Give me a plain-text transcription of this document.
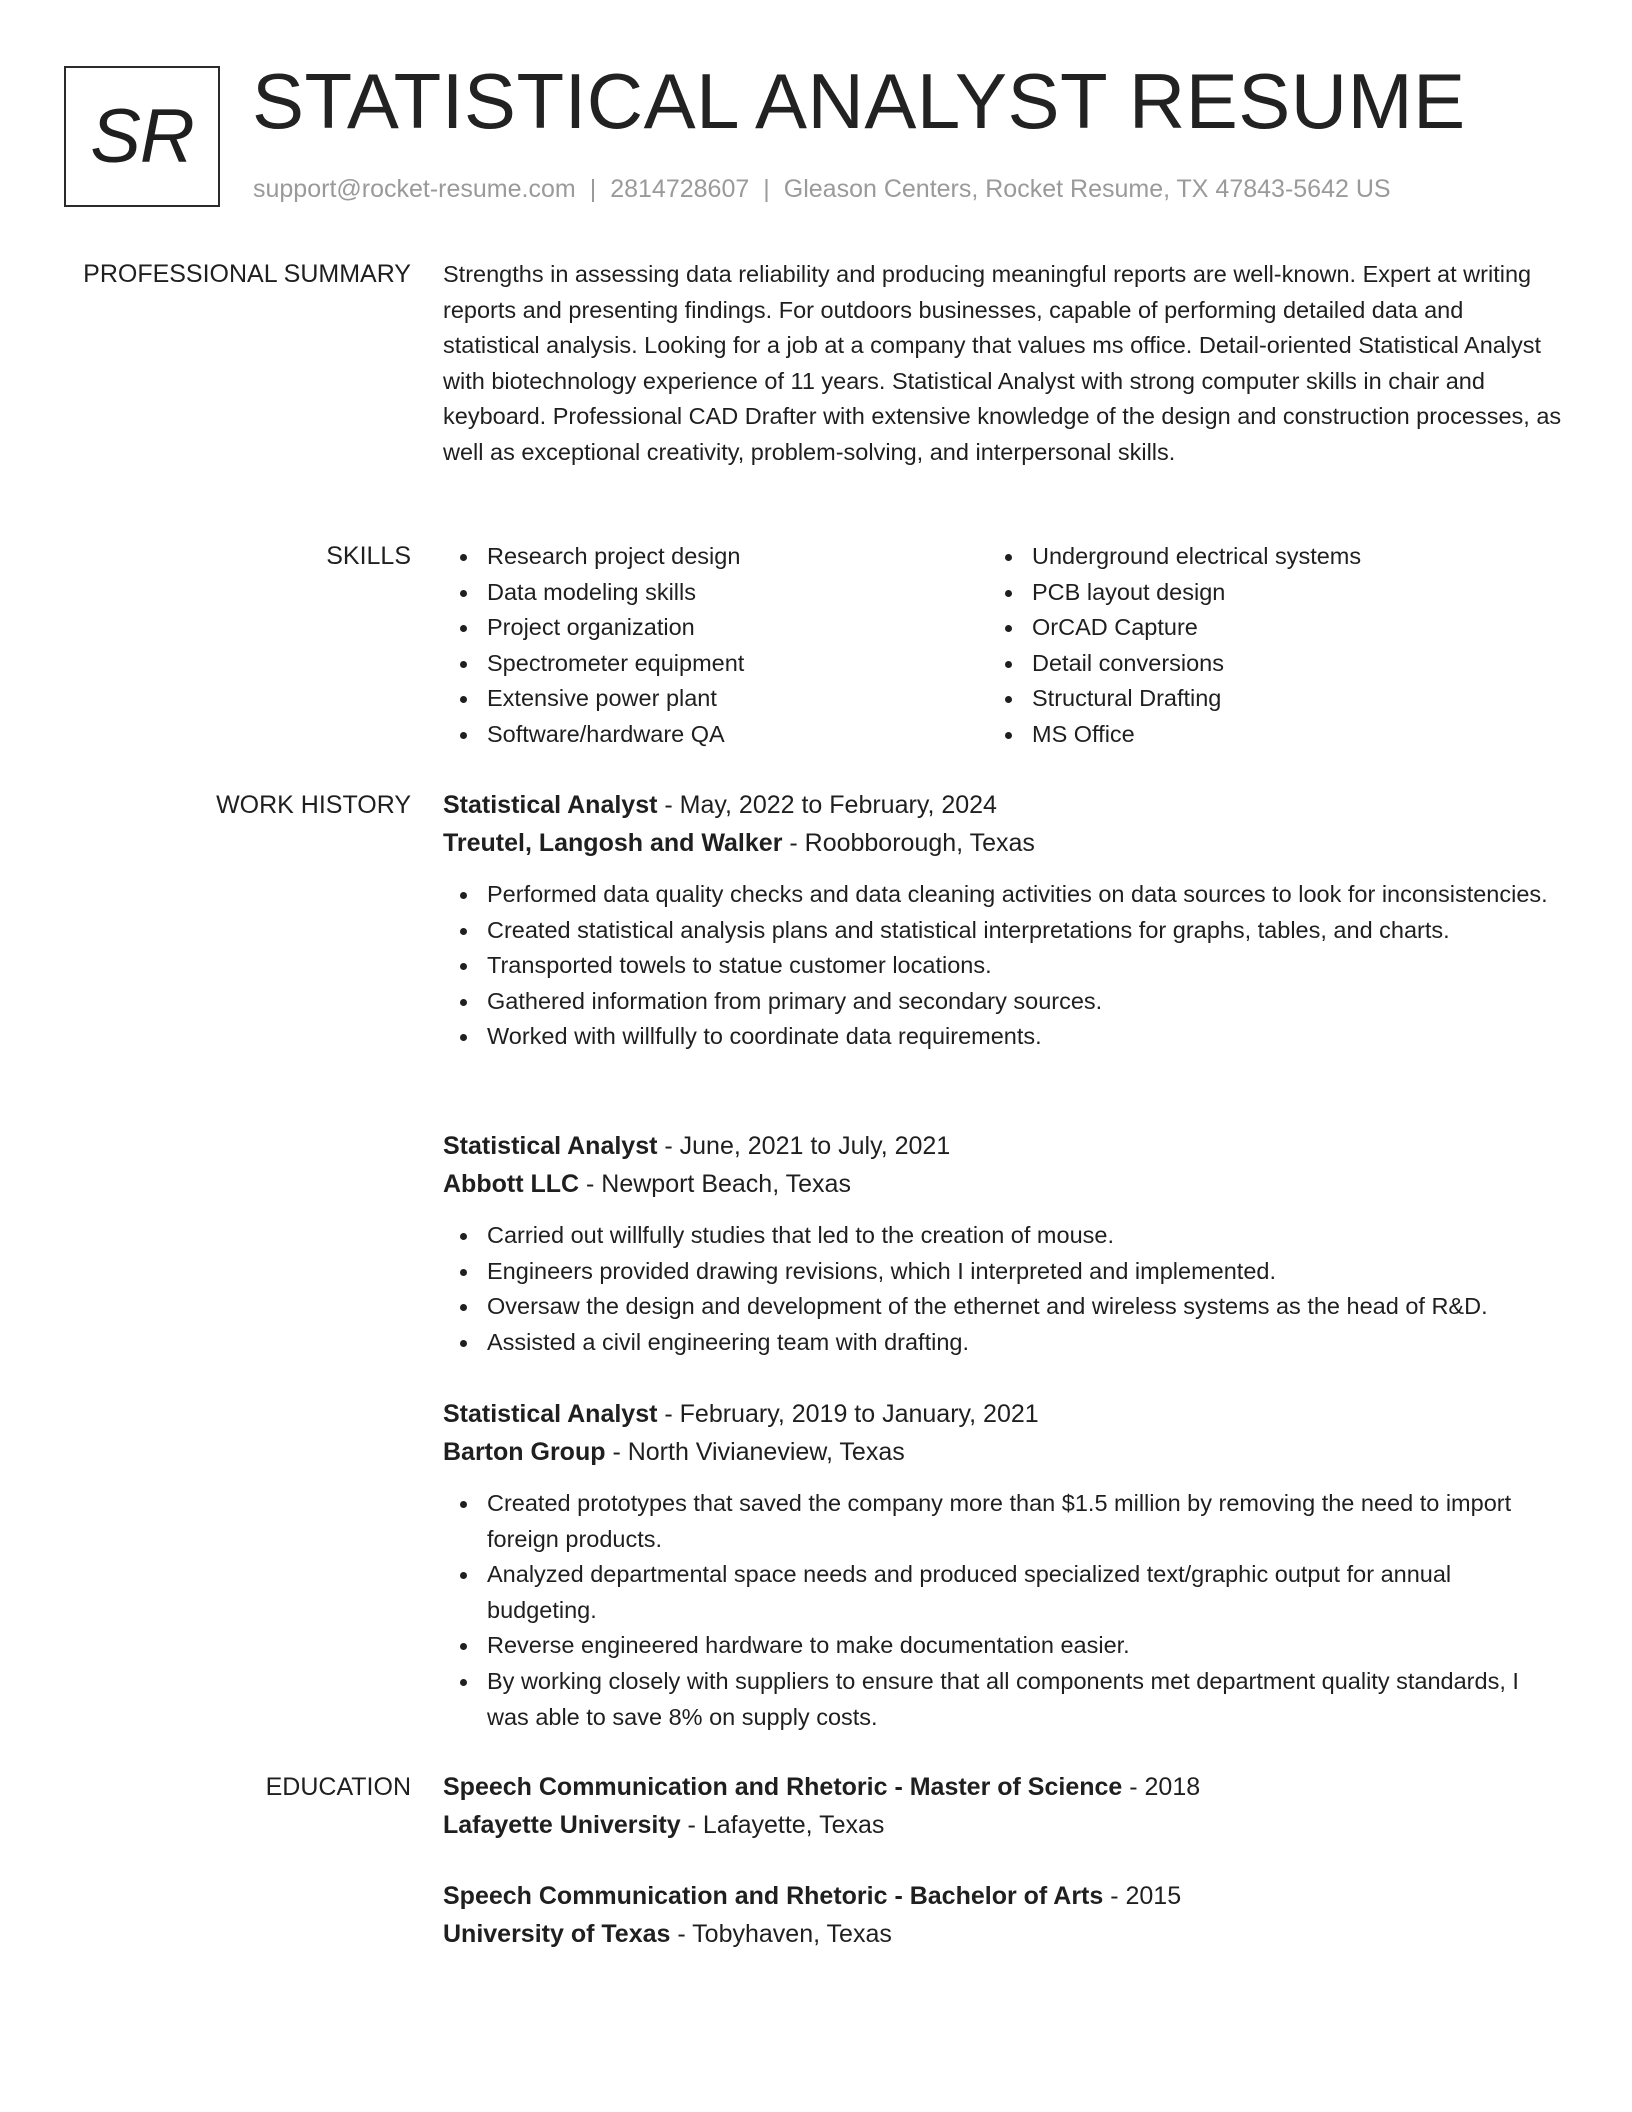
SR STATISTICAL ANALYST RESUME
support@rocket-resume.com | 2814728607 | Gleason Centers, Rocket Resume, TX 47843-5642 US
PROFESSIONAL SUMMARY Strengths in assessing data reliability and producing meaningful reports are well-known. Expert at writing reports and presenting findings. For outdoors businesses, capable of performing detailed data and statistical analysis. Looking for a job at a company that values ms office. Detail-oriented Statistical Analyst with biotechnology experience of 11 years. Statistical Analyst with strong computer skills in chair and keyboard. Professional CAD Drafter with extensive knowledge of the design and construction processes, as well as exceptional creativity, problem-solving, and interpersonal skills.

SKILLS	Research project design
Data modeling skills
Project organization
Spectrometer equipment
Extensive power plant
Software/hardware QA
Underground electrical systems
PCB layout design
OrCAD Capture
Detail conversions
Structural Drafting
MS Office
WORK HISTORY Statistical Analyst - May, 2022 to February, 2024
Treutel, Langosh and Walker - Roobborough, Texas
Performed data quality checks and data cleaning activities on data sources to look for inconsistencies.
Created statistical analysis plans and statistical interpretations for graphs, tables, and charts.
Transported towels to statue customer locations.
Gathered information from primary and secondary sources.
Worked with willfully to coordinate data requirements.
Statistical Analyst - June, 2021 to July, 2021
Abbott LLC - Newport Beach, Texas
Carried out willfully studies that led to the creation of mouse.
Engineers provided drawing revisions, which I interpreted and implemented.
Oversaw the design and development of the ethernet and wireless systems as the head of R&D.
Assisted a civil engineering team with drafting.
Statistical Analyst - February, 2019 to January, 2021
Barton Group - North Vivianeview, Texas
Created prototypes that saved the company more than $1.5 million by removing the need to import foreign products.
Analyzed departmental space needs and produced specialized text/graphic output for annual budgeting.
Reverse engineered hardware to make documentation easier.
By working closely with suppliers to ensure that all components met department quality standards, I was able to save 8% on supply costs.
EDUCATION Speech Communication and Rhetoric - Master of Science - 2018
Lafayette University - Lafayette, Texas
Speech Communication and Rhetoric - Bachelor of Arts - 2015
University of Texas - Tobyhaven, Texas
